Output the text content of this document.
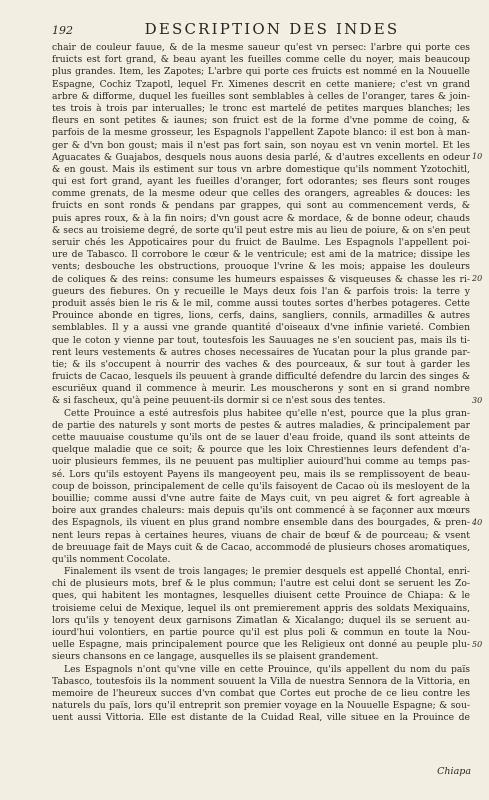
192	DESCRIPTION DES INDES
chair de couleur fauue, & de la mesme saueur qu'est vn persec: l'arbre qui porte ces
fruicts est fort grand, & beau ayant les fueilles comme celle du noyer, mais beaucoup
plus grandes. Item, les Zapotes; L'arbre qui porte ces fruicts est nommé en la Nouuelle
Espagne, Cochiz Tzapotl, lequel Fr. Ximenes descrit en cette maniere; c'est vn grand
arbre & difforme, duquel les fueilles sont semblables à celles de l'oranger, tares & join-
tes trois à trois par interualles; le tronc est martelé de petites marques blanches; les
fleurs en sont petites & iaunes; son fruict est de la forme d'vne pomme de coing, &
parfois de la mesme grosseur, les Espagnols l'appellent Zapote blanco: il est bon à man-
ger & d'vn bon goust; mais il n'est pas fort sain, son noyau est vn venin mortel. Et les
Aguacates & Guajabos, desquels nous auons desia parlé, & d'autres excellents en odeur
& en goust. Mais ils estiment sur tous vn arbre domestique qu'ils nomment Yzotochitl,
qui est fort grand, ayant les fueilles d'oranger, fort odorantes; ses fleurs sont rouges
comme grenats, de la mesme odeur que celles des orangers, agreables & douces: les
fruicts en sont ronds & pendans par grappes, qui sont au commencement verds, &
puis apres roux, & à la fin noirs; d'vn goust acre & mordace, & de bonne odeur, chauds
& secs au troisieme degré, de sorte qu'il peut estre mis au lieu de poiure, & on s'en peut
seruir chés les Appoticaires pour du fruict de Baulme. Les Espagnols l'appellent poi-
ure de Tabasco. Il corrobore le cœur & le ventricule; est ami de la matrice; dissipe les
vents; desbouche les obstructions, prouoque l'vrine & les mois; appaise les douleurs
de coliques & des reins: consume les humeurs espaisses & visqueuses & chasse les ri-
gueurs des fiebures. On y recueille le Mays deux fois l'an & parfois trois: la terre y
produit assés bien le ris & le mil, comme aussi toutes sortes d'herbes potageres. Cette
Prouince abonde en tigres, lions, cerfs, dains, sangliers, connils, armadilles & autres
semblables. Il y a aussi vne grande quantité d'oiseaux d'vne infinie varieté. Combien
que le coton y vienne par tout, toutesfois les Sauuages ne s'en soucient pas, mais ils ti-
rent leurs vestements & autres choses necessaires de Yucatan pour la plus grande par-
tie; & ils s'occupent à nourrir des vaches & des pourceaux, & sur tout à garder les
fruicts de Cacao, lesquels ils peuuent à grande difficulté defendre du larcin des singes &
escuriëux quand il commence à meurir. Les mouscherons y sont en si grand nombre
& si fascheux, qu'à peine peuuent-ils dormir si ce n'est sous des tentes.
Cette Prouince a esté autresfois plus habitee qu'elle n'est, pource que la plus gran-
de partie des naturels y sont morts de pestes & autres maladies, & principalement par
cette mauuaise coustume qu'ils ont de se lauer d'eau froide, quand ils sont atteints de
quelque maladie que ce soit; & pource que les loix Chrestiennes leurs defendent d'a-
uoir plusieurs femmes, ils ne peuuent pas multiplier auiourd'hui comme au temps pas-
sé. Lors qu'ils estoyent Payens ils mangeoyent peu, mais ils se remplissoyent de beau-
coup de boisson, principalement de celle qu'ils faisoyent de Cacao où ils mesloyent de la
bouillie; comme aussi d'vne autre faite de Mays cuit, vn peu aigret & fort agreable à
boire aux grandes chaleurs: mais depuis qu'ils ont commencé à se façonner aux mœurs
des Espagnols, ils viuent en plus grand nombre ensemble dans des bourgades, & pren-
nent leurs repas à certaines heures, viuans de chair de bœuf & de pourceau; & vsent
de breuuage fait de Mays cuit & de Cacao, accommodé de plusieurs choses aromatiques,
qu'ils nomment Cocolate.
Finalement ils vsent de trois langages; le premier desquels est appellé Chontal, enri-
chi de plusieurs mots, bref & le plus commun; l'autre est celui dont se seruent les Zo-
ques, qui habitent les montagnes, lesquelles diuisent cette Prouince de Chiapa: & le
troisieme celui de Mexique, lequel ils ont premierement appris des soldats Mexiquains,
lors qu'ils y tenoyent deux garnisons Zimatlan & Xicalango; duquel ils se seruent au-
iourd'hui volontiers, en partie pource qu'il est plus poli & commun en toute la Nou-
uelle Espagne, mais principalement pource que les Religieux ont donné au peuple plu-
sieurs chansons en ce langage, ausquelles ils se plaisent grandement.
Les Espagnols n'ont qu'vne ville en cette Prouince, qu'ils appellent du nom du païs
Tabasco, toutesfois ils la nomment souuent la Villa de nuestra Sennora de la Vittoria, en
memoire de l'heureux succes d'vn combat que Cortes eut proche de ce lieu contre les
naturels du païs, lors qu'il entreprit son premier voyage en la Nouuelle Espagne; & sou-
uent aussi Vittoria. Elle est distante de la Cuidad Real, ville situee en la Prouince de
10
20
30
40
50
Chiapa
